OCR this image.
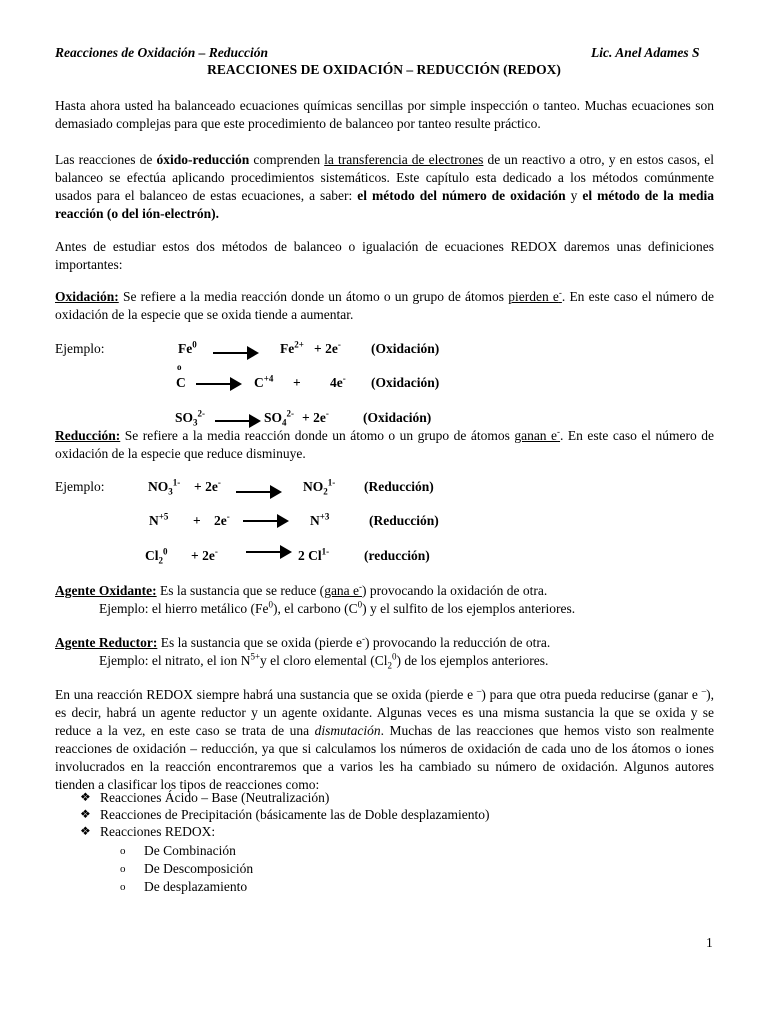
Reacciones de Oxidación – Reducción	Lic. Anel Adames S
REACCIONES DE OXIDACIÓN – REDUCCIÓN (REDOX)

Hasta ahora usted ha balanceado ecuaciones químicas sencillas por simple inspección o tanteo. Muchas ecuaciones son demasiado complejas para que este procedimiento de balanceo por tanteo resulte práctico.

Las reacciones de óxido-reducción comprenden la transferencia de electrones de un reactivo a otro, y en estos casos, el balanceo se efectúa aplicando procedimientos sistemáticos. Este capítulo esta dedicado a los métodos comúnmente usados para el balanceo de estas ecuaciones, a saber: el método del número de oxidación y el método de la media reacción (o del ión-electrón).

Antes de estudiar estos dos métodos de balanceo o igualación de ecuaciones REDOX daremos unas definiciones importantes:

Oxidación: Se refiere a la media reacción donde un átomo o un grupo de átomos pierden e-. En este caso el número de oxidación de la especie que se oxida tiende a aumentar.

Ejemplo:	Fe$^0$	$Fe^{2+} + 2e^-$ (Oxidación)
o
C	$C^{+4} + 4e^-$ (Oxidación)
$SO_3^{2-}$	$SO_4^{2-} + 2e^-$	(Oxidación)

Reducción: Se refiere a la media reacción donde un átomo o un grupo de átomos ganan e-. En este caso el número de oxidación de la especie que reduce disminuye.

Ejemplo:	$NO_3^{1-} + 2e^-$	$NO_2^{1-}$ (Reducción)
$N^{+5} + 2e^-$	$N^{+3}$	(Reducción)
$Cl_2^0 + 2e^-$	2 $Cl^{1-}$	(reducción)
Agente Oxidante: Es la sustancia que se reduce (gana e-) provocando la oxidación de otra.
Ejemplo: el hierro metálico (Fe$^0$), el carbono $(C^0)$ y el sulfito de los ejemplos anteriores.
Agente Reductor: Es la sustancia que se oxida (pierde e-) provocando la reducción de otra.
Ejemplo: el nitrato, el ion $N^{5+}y$ el cloro elemental $(Cl_2^0)$ de los ejemplos anteriores.

En una reacción REDOX siempre habrá una sustancia que se oxida (pierde e –) para que otra pueda reducirse (ganar e –), es decir, habrá un agente reductor y un agente oxidante. Algunas veces es una misma sustancia la que se oxida y se reduce a la vez, en este caso se trata de una dismutación. Muchas de las reacciones que hemos visto son realmente reacciones de oxidación – reducción, ya que si calculamos los números de oxidación de cada uno de los átomos o iones involucrados en la reacción encontraremos que a varios les ha cambiado su número de oxidación. Algunos autores tienden a clasificar los tipos de reacciones como:

❖ Reacciones Ácido – Base (Neutralización)
❖ Reacciones de Precipitación (básicamente las de Doble desplazamiento)
❖ Reacciones REDOX:
o	De Combinación
o	De Descomposición
o	De desplazamiento
1
